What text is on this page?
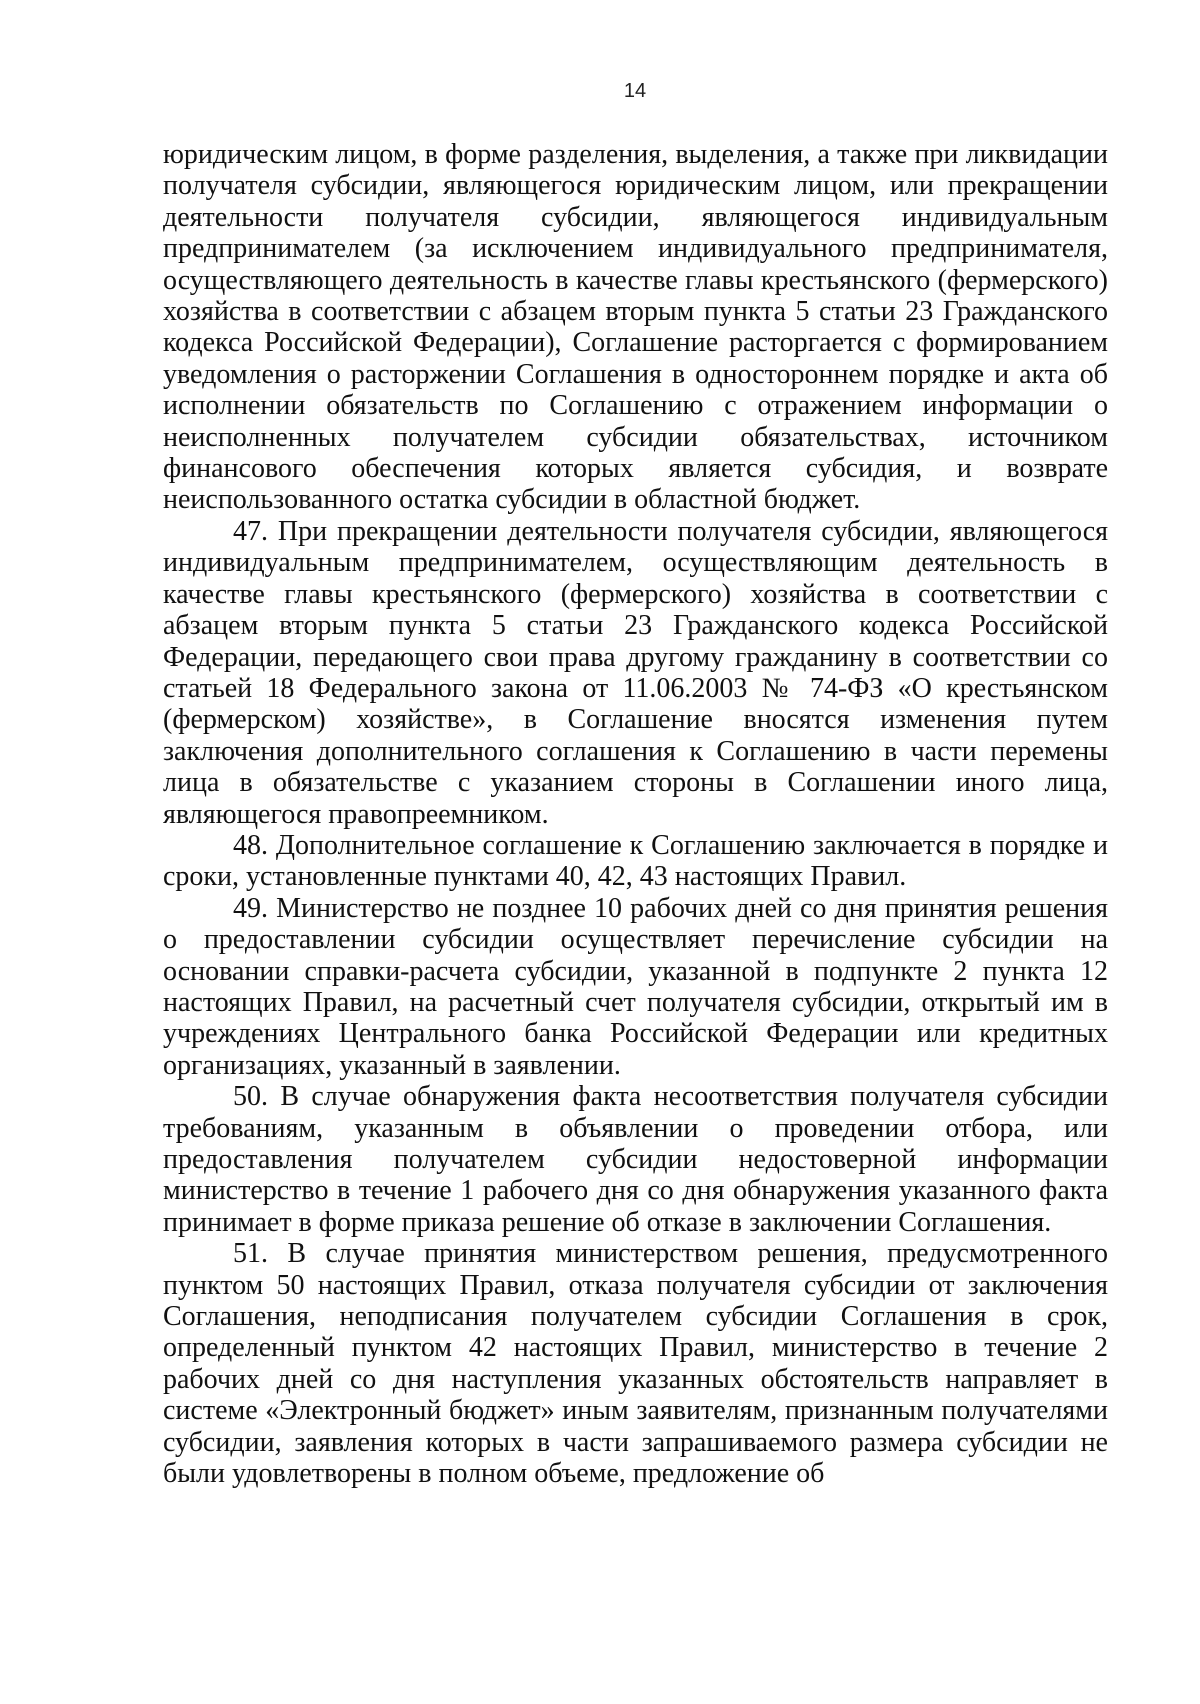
14

юридическим лицом, в форме разделения, выделения, а также при ликвидации получателя субсидии, являющегося юридическим лицом, или прекращении деятельности получателя субсидии, являющегося индивидуальным предпринимателем (за исключением индивидуального предпринимателя, осуществляющего деятельность в качестве главы крестьянского (фермерского) хозяйства в соответствии с абзацем вторым пункта 5 статьи 23 Гражданского кодекса Российской Федерации), Соглашение расторгается с формированием уведомления о расторжении Соглашения в одностороннем порядке и акта об исполнении обязательств по Соглашению с отражением информации о неисполненных получателем субсидии обязательствах, источником финансового обеспечения которых является субсидия, и возврате неиспользованного остатка субсидии в областной бюджет.

47. При прекращении деятельности получателя субсидии, являющегося индивидуальным предпринимателем, осуществляющим деятельность в качестве главы крестьянского (фермерского) хозяйства в соответствии с абзацем вторым пункта 5 статьи 23 Гражданского кодекса Российской Федерации, передающего свои права другому гражданину в соответствии со статьей 18 Федерального закона от 11.06.2003 № 74-ФЗ «О крестьянском (фермерском) хозяйстве», в Соглашение вносятся изменения путем заключения дополнительного соглашения к Соглашению в части перемены лица в обязательстве с указанием стороны в Соглашении иного лица, являющегося правопреемником.

48. Дополнительное соглашение к Соглашению заключается в порядке и сроки, установленные пунктами 40, 42, 43 настоящих Правил.

49. Министерство не позднее 10 рабочих дней со дня принятия решения о предоставлении субсидии осуществляет перечисление субсидии на основании справки-расчета субсидии, указанной в подпункте 2 пункта 12 настоящих Правил, на расчетный счет получателя субсидии, открытый им в учреждениях Центрального банка Российской Федерации или кредитных организациях, указанный в заявлении.

50. В случае обнаружения факта несоответствия получателя субсидии требованиям, указанным в объявлении о проведении отбора, или предоставления получателем субсидии недостоверной информации министерство в течение 1 рабочего дня со дня обнаружения указанного факта принимает в форме приказа решение об отказе в заключении Соглашения.

51. В случае принятия министерством решения, предусмотренного пунктом 50 настоящих Правил, отказа получателя субсидии от заключения Соглашения, неподписания получателем субсидии Соглашения в срок, определенный пунктом 42 настоящих Правил, министерство в течение 2 рабочих дней со дня наступления указанных обстоятельств направляет в системе «Электронный бюджет» иным заявителям, признанным получателями субсидии, заявления которых в части запрашиваемого размера субсидии не были удовлетворены в полном объеме, предложение об
